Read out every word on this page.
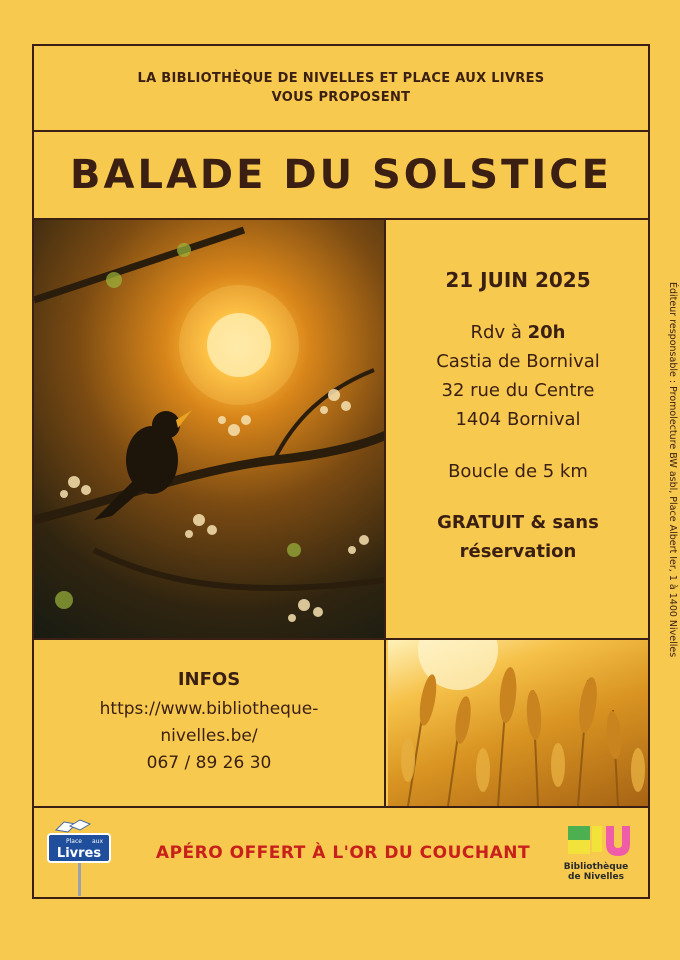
LA BIBLIOTHÈQUE DE NIVELLES ET PLACE AUX LIVRES
VOUS PROPOSENT
BALADE DU SOLSTICE
21 JUIN 2025
Rdv à 20h
Castia de Bornival
32 rue du Centre
1404 Bornival
Boucle de 5 km
GRATUIT & sans
réservation
INFOS
https://www.bibliotheque-
nivelles.be/
067 / 89 26 30
Place aux
Livres	APÉRO OFFERT À L'OR DU COUCHANT
Bibliothèque
de Nivelles
Éditeur responsable : Promolecture BW asbl, Place Albert Ier, 1 à 1400 Nivelles
